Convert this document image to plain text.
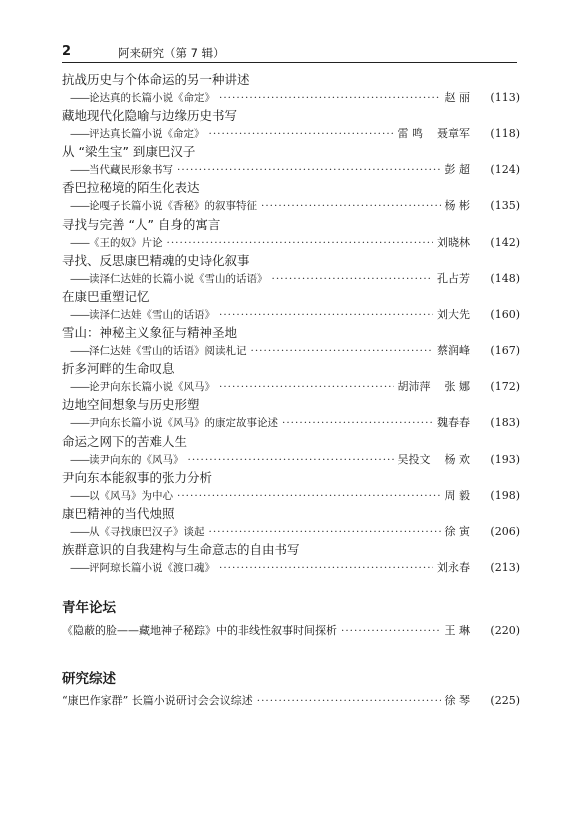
2	阿来研究（第 7 辑）
抗战历史与个体命运的另一种讲述
—— 论达真的长篇小说《命定》 ·····	赵 丽	(113)
藏地现代化隐喻与边缘历史书写
—— 评达真长篇小说《命定》 ·····	雷 鸣 聂章军	(118)
从 “梁生宝” 到康巴汉子
—— 当代藏民形象书写 ·····	彭 超	(124)
香巴拉秘境的陌生化表达
—— 论嘎子长篇小说《香秘》的叙事特征 ·····	杨 彬	(135)
寻找与完善 “人” 自身的寓言
—— 《王的奴》片论 ·····	刘晓林	(142)
寻找、反思康巴精魂的史诗化叙事
—— 读泽仁达娃的长篇小说《雪山的话语》 ·····	孔占芳	(148)
在康巴重塑记忆
—— 读泽仁达娃《雪山的话语》 ·····	刘大先	(160)
雪山：神秘主义象征与精神圣地
—— 泽仁达娃《雪山的话语》阅读札记 ·····	蔡润峰	(167)
折多河畔的生命叹息
—— 论尹向东长篇小说《风马》 ·····	胡沛萍 张 娜	(172)
边地空间想象与历史形塑
—— 尹向东长篇小说《风马》的康定故事论述 ·····	魏春春	(183)
命运之网下的苦难人生
—— 读尹向东的《风马》 ·····	吴投文 杨 欢	(193)
尹向东本能叙事的张力分析
—— 以《风马》为中心 ·····	周 毅	(198)
康巴精神的当代烛照
—— 从《寻找康巴汉子》谈起 ·····	徐 寅	(206)
族群意识的自我建构与生命意志的自由书写
—— 评阿琼长篇小说《渡口魂》 ·····	刘永春	(213)
青年论坛
《隐蔽的脸——藏地神子秘踪》中的非线性叙事时间探析 ·····	王 琳	(220)
研究综述
“康巴作家群” 长篇小说研讨会会议综述 ·····	徐 琴	(225)
